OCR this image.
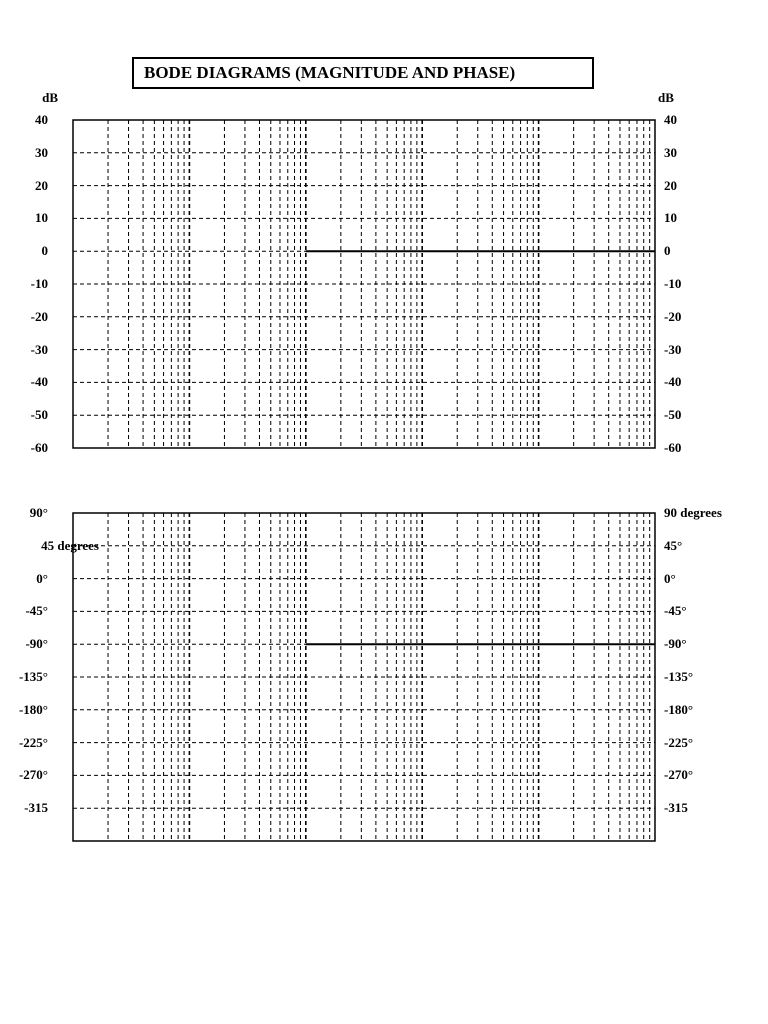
BODE DIAGRAMS (MAGNITUDE AND PHASE)
40	40
30	30
20	20
10	10
0	0
-10	-10
-20	-20
-30	-30
-40	-40
-50	-50
-60	-60
dB	dB
90°	90 degrees
45 degrees	45°
0°	0°
-45°	-45°
-90°	-90°
-135°	-135°
-180°	-180°
-225°	-225°
-270°	-270°
-315	-315
